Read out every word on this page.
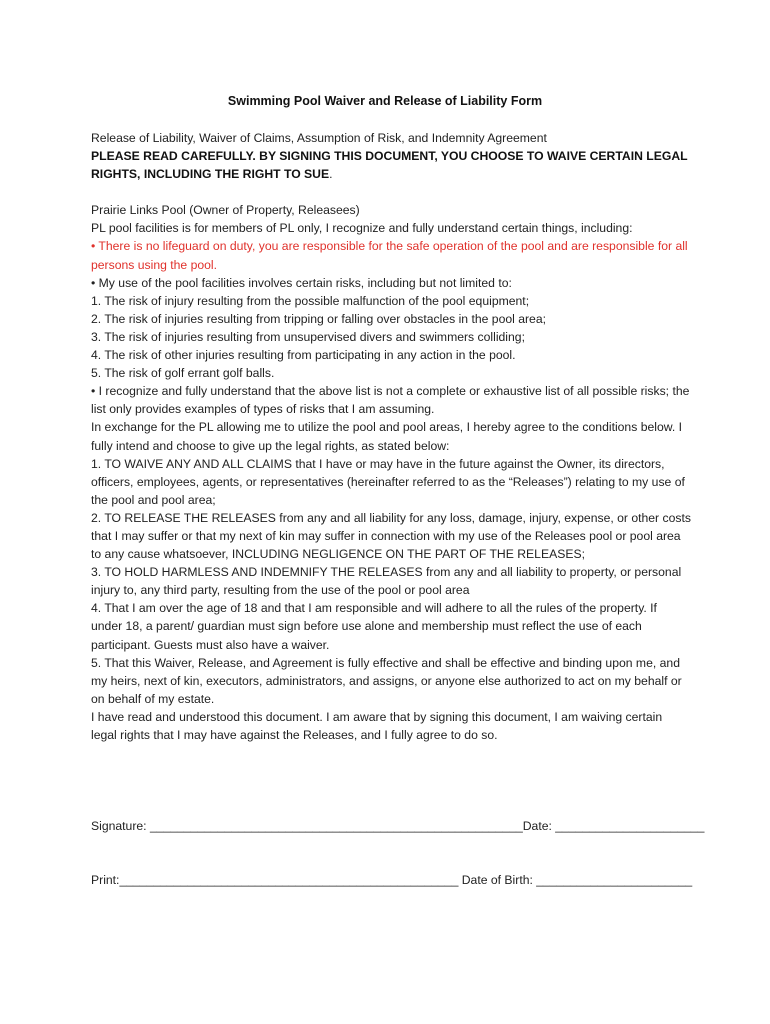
Swimming Pool Waiver and Release of Liability Form

Release of Liability, Waiver of Claims, Assumption of Risk, and Indemnity Agreement

PLEASE READ CAREFULLY. BY SIGNING THIS DOCUMENT, YOU CHOOSE TO WAIVE CERTAIN LEGAL RIGHTS, INCLUDING THE RIGHT TO SUE.

Prairie Links Pool (Owner of Property, Releasees)

PL pool facilities is for members of PL only, I recognize and fully understand certain things, including:

• There is no lifeguard on duty, you are responsible for the safe operation of the pool and are responsible for all persons using the pool.

• My use of the pool facilities involves certain risks, including but not limited to:

1. The risk of injury resulting from the possible malfunction of the pool equipment;

2. The risk of injuries resulting from tripping or falling over obstacles in the pool area;

3. The risk of injuries resulting from unsupervised divers and swimmers colliding;

4. The risk of other injuries resulting from participating in any action in the pool.

5. The risk of golf errant golf balls.

• I recognize and fully understand that the above list is not a complete or exhaustive list of all possible risks; the list only provides examples of types of risks that I am assuming.

In exchange for the PL allowing me to utilize the pool and pool areas, I hereby agree to the conditions below. I fully intend and choose to give up the legal rights, as stated below:

1. TO WAIVE ANY AND ALL CLAIMS that I have or may have in the future against the Owner, its directors, officers, employees, agents, or representatives (hereinafter referred to as the “Releases”) relating to my use of the pool and pool area;

2. TO RELEASE THE RELEASES from any and all liability for any loss, damage, injury, expense, or other costs that I may suffer or that my next of kin may suffer in connection with my use of the Releases pool or pool area to any cause whatsoever, INCLUDING NEGLIGENCE ON THE PART OF THE RELEASES;

3. TO HOLD HARMLESS AND INDEMNIFY THE RELEASES from any and all liability to property, or personal injury to, any third party, resulting from the use of the pool or pool area

4. That I am over the age of 18 and that I am responsible and will adhere to all the rules of the property. If under 18, a parent/ guardian must sign before use alone and membership must reflect the use of each participant. Guests must also have a waiver.

5. That this Waiver, Release, and Agreement is fully effective and shall be effective and binding upon me, and my heirs, next of kin, executors, administrators, and assigns, or anyone else authorized to act on my behalf or on behalf of my estate.

I have read and understood this document. I am aware that by signing this document, I am waiving certain legal rights that I may have against the Releases, and I fully agree to do so.

Signature: _______________________________________________________Date: ______________________
Print:__________________________________________________ Date of Birth: _______________________
